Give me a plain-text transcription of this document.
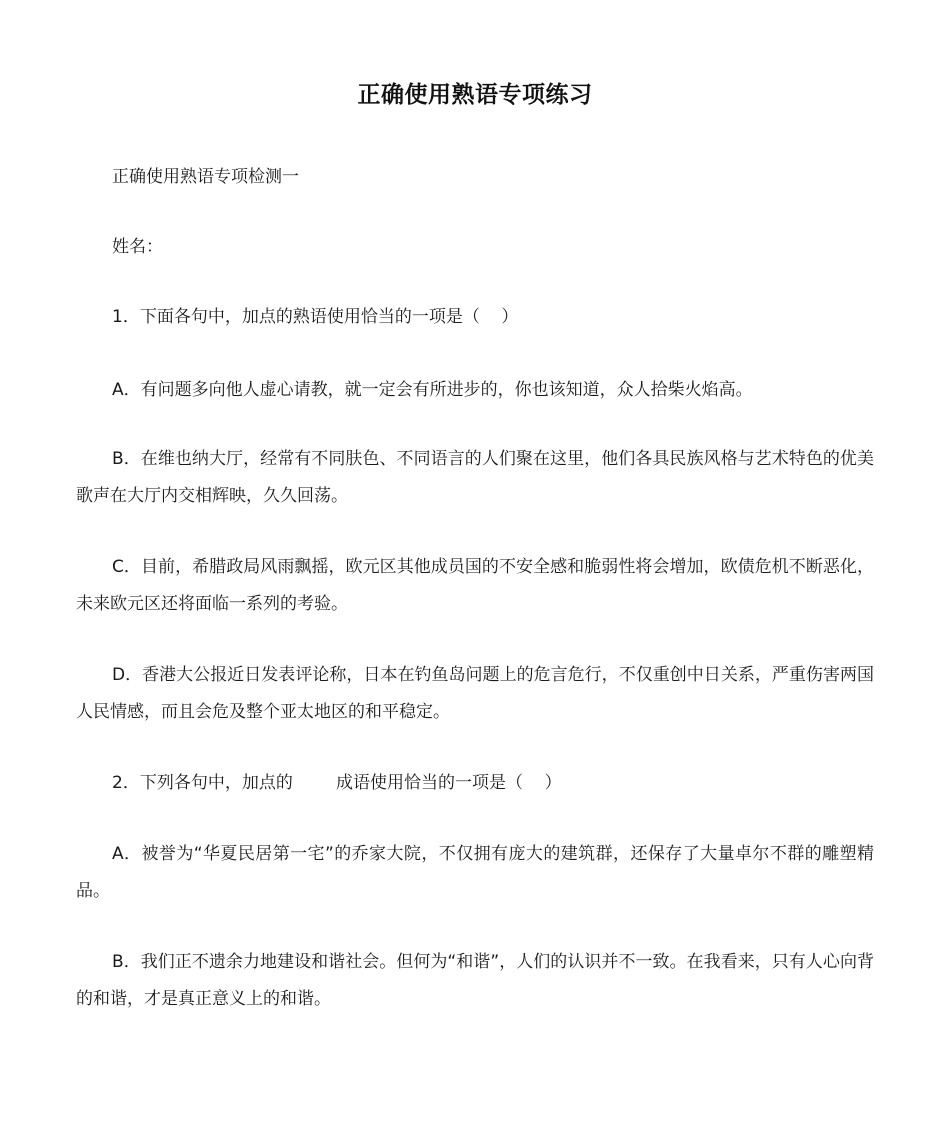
正确使用熟语专项练习
正确使用熟语专项检测一
姓名：
1．下面各句中，加点的熟语使用恰当的一项是（    ）
A．有问题多向他人虚心请教，就一定会有所进步的，你也该知道，众人拾柴火焰高。
B．在维也纳大厅，经常有不同肤色、不同语言的人们聚在这里，他们各具民族风格与艺术特色的优美歌声在大厅内交相辉映，久久回荡。
C．目前，希腊政局风雨飘摇，欧元区其他成员国的不安全感和脆弱性将会增加，欧债危机不断恶化，未来欧元区还将面临一系列的考验。
D．香港大公报近日发表评论称，日本在钓鱼岛问题上的危言危行，不仅重创中日关系，严重伤害两国人民情感，而且会危及整个亚太地区的和平稳定。
2．下列各句中，加点的        成语使用恰当的一项是（    ）
A．被誉为“华夏民居第一宅”的乔家大院，不仅拥有庞大的建筑群，还保存了大量卓尔不群的雕塑精品。
B．我们正不遗余力地建设和谐社会。但何为“和谐”，人们的认识并不一致。在我看来，只有人心向背的和谐，才是真正意义上的和谐。
